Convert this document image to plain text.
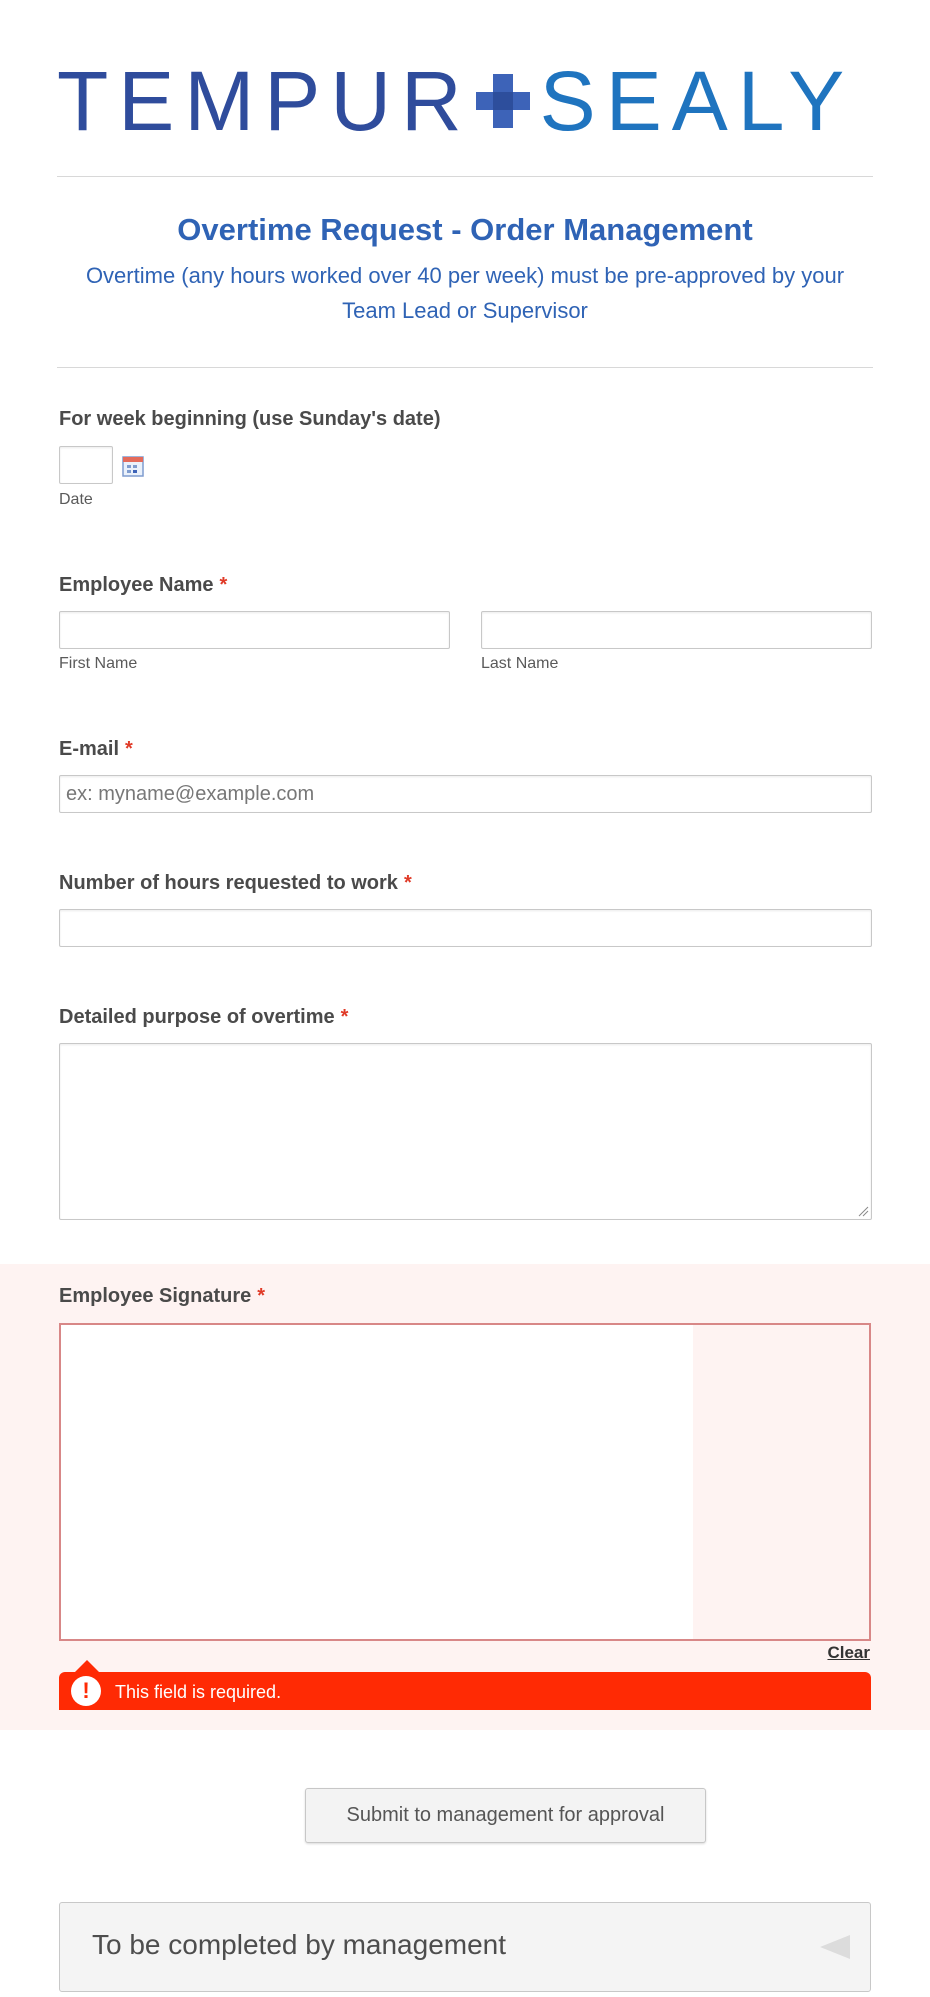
TEMPUR SEALY
Overtime Request - Order Management
Overtime (any hours worked over 40 per week) must be pre-approved by your Team Lead or Supervisor
For week beginning (use Sunday's date)
Date
Employee Name *
First Name	Last Name
E-mail *
ex: myname@example.com
Number of hours requested to work *
Detailed purpose of overtime *
Employee Signature *
Clear
!	This field is required.
Submit to management for approval
To be completed by management
